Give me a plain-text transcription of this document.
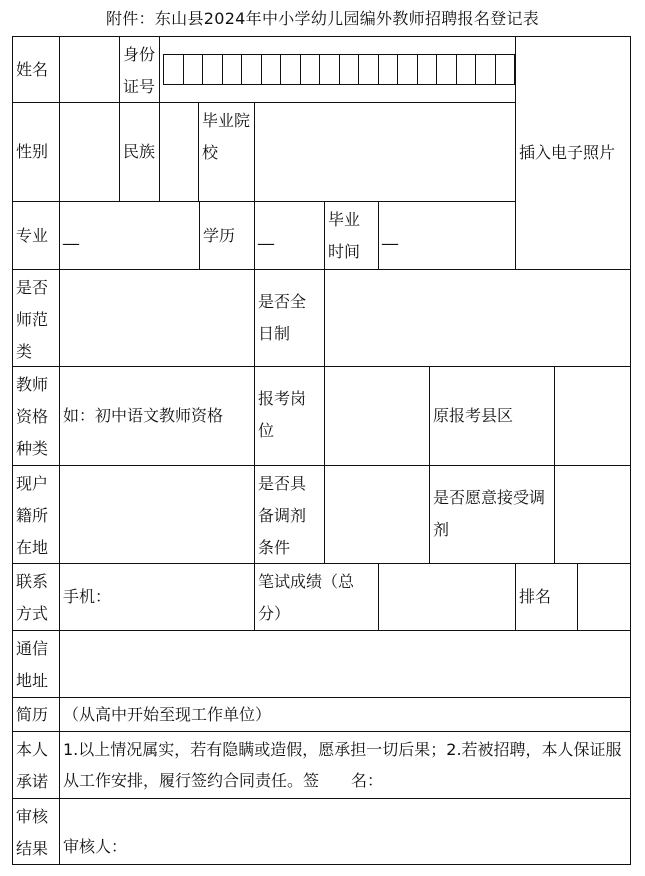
附件：东山县2024年中小学幼儿园编外教师招聘报名登记表
姓名
身份证号
插入电子照片
性别	民族
毕业院校
专业 __	学历 __
毕业时间
__
是否师范类
是否全日制
教师资格种类
如：初中语文教师资格
报考岗位
原报考县区
现户籍所在地
是否具备调剂条件
是否愿意接受调剂
联系方式
手机：
笔试成绩（总分）
排名
通信地址
简历 （从高中开始至现工作单位）
本人承诺
1.以上情况属实，若有隐瞒或造假，愿承担一切后果；2.若被招聘，本人保证服从工作安排，履行签约合同责任。签　　名：
审核结果 审核人：
